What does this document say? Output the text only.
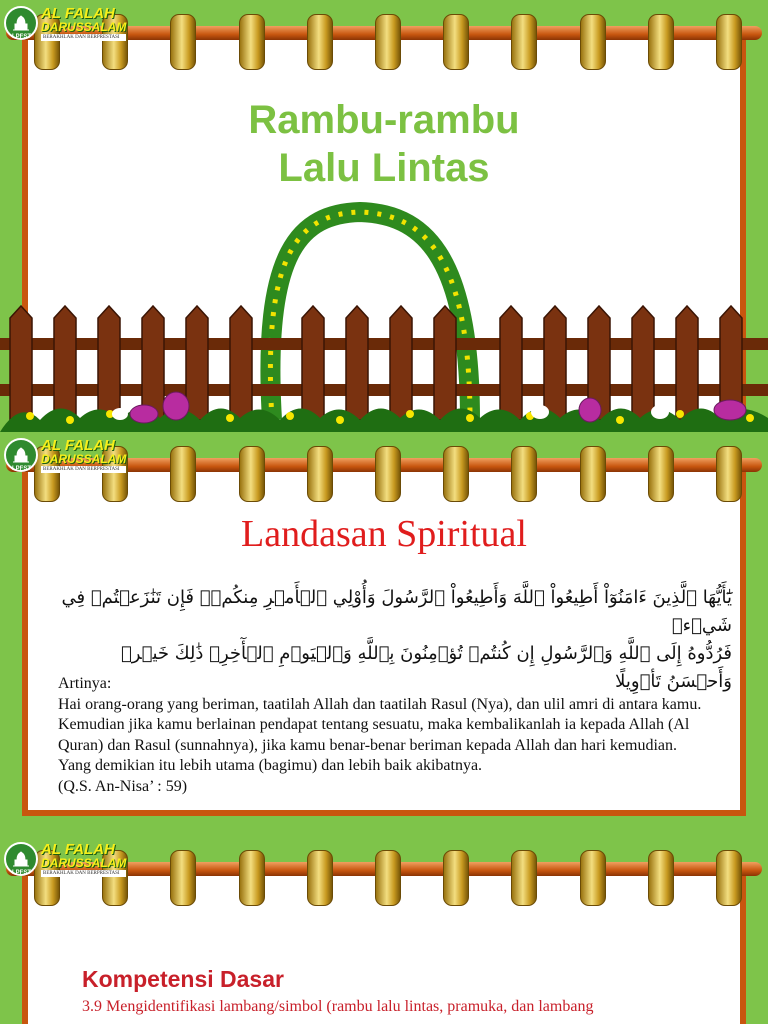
AL FALAH
DARUSSALAM
BERAKHLAK DAN BERPRESTASI
LPFST
Rambu-rambu
Lalu Lintas
AL FALAH
DARUSSALAM
BERAKHLAK DAN BERPRESTASI
LPFST
Landasan Spiritual
يَٰٓأَيُّهَا ٱلَّذِينَ ءَامَنُوٓاْ أَطِيعُواْ ٱللَّهَ وَأَطِيعُواْ ٱلرَّسُولَ وَأُوْلِي ٱلۡأَمۡرِ مِنكُمۡۖ فَإِن تَنَٰزَعۡتُمۡ فِي شَيۡءٖ
فَرُدُّوهُ إِلَى ٱللَّهِ وَٱلرَّسُولِ إِن كُنتُمۡ تُؤۡمِنُونَ بِٱللَّهِ وَٱلۡيَوۡمِ ٱلۡأٓخِرِۚ ذَٰلِكَ خَيۡرٞ وَأَحۡسَنُ تَأۡوِيلًا
Artinya:
Hai orang-orang yang beriman, taatilah Allah dan taatilah Rasul (Nya), dan ulil amri di antara kamu. Kemudian jika kamu berlainan pendapat tentang sesuatu, maka kembalikanlah ia kepada Allah (Al Quran) dan Rasul (sunnahnya), jika kamu benar-benar beriman kepada Allah dan hari kemudian. Yang demikian itu lebih utama (bagimu) dan lebih baik akibatnya.
(Q.S. An-Nisa’ : 59)
AL FALAH
DARUSSALAM
BERAKHLAK DAN BERPRESTASI
LPFST
Kompetensi Dasar
3.9 Mengidentifikasi lambang/simbol (rambu lalu lintas, pramuka, dan lambang
